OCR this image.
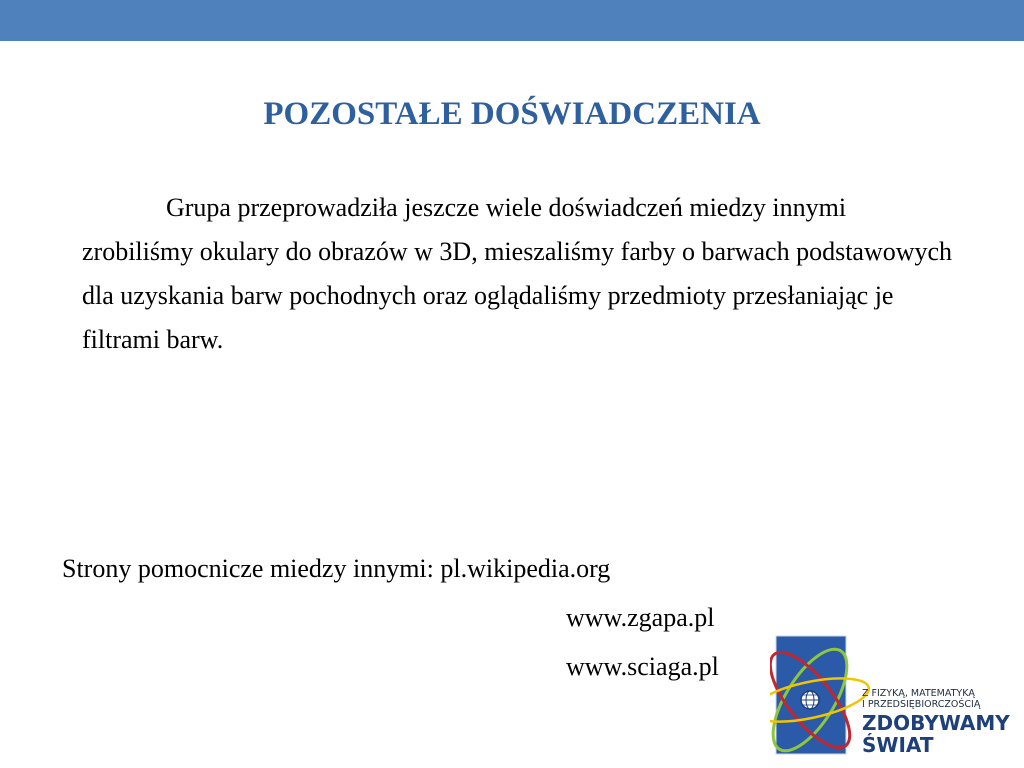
POZOSTAŁE DOŚWIADCZENIA
Grupa przeprowadziła jeszcze wiele doświadczeń miedzy innymi zrobiliśmy okulary do obrazów w 3D, mieszaliśmy farby o barwach podstawowych dla uzyskania barw pochodnych oraz oglądaliśmy przedmioty przesłaniając je filtrami barw.
Strony pomocnicze miedzy innymi: pl.wikipedia.org
www.zgapa.pl
www.sciaga.pl
Z FIZYKĄ, MATEMATYKĄ
I PRZEDSIĘBIORCZOŚCIĄ
ZDOBYWAMY
ŚWIAT
